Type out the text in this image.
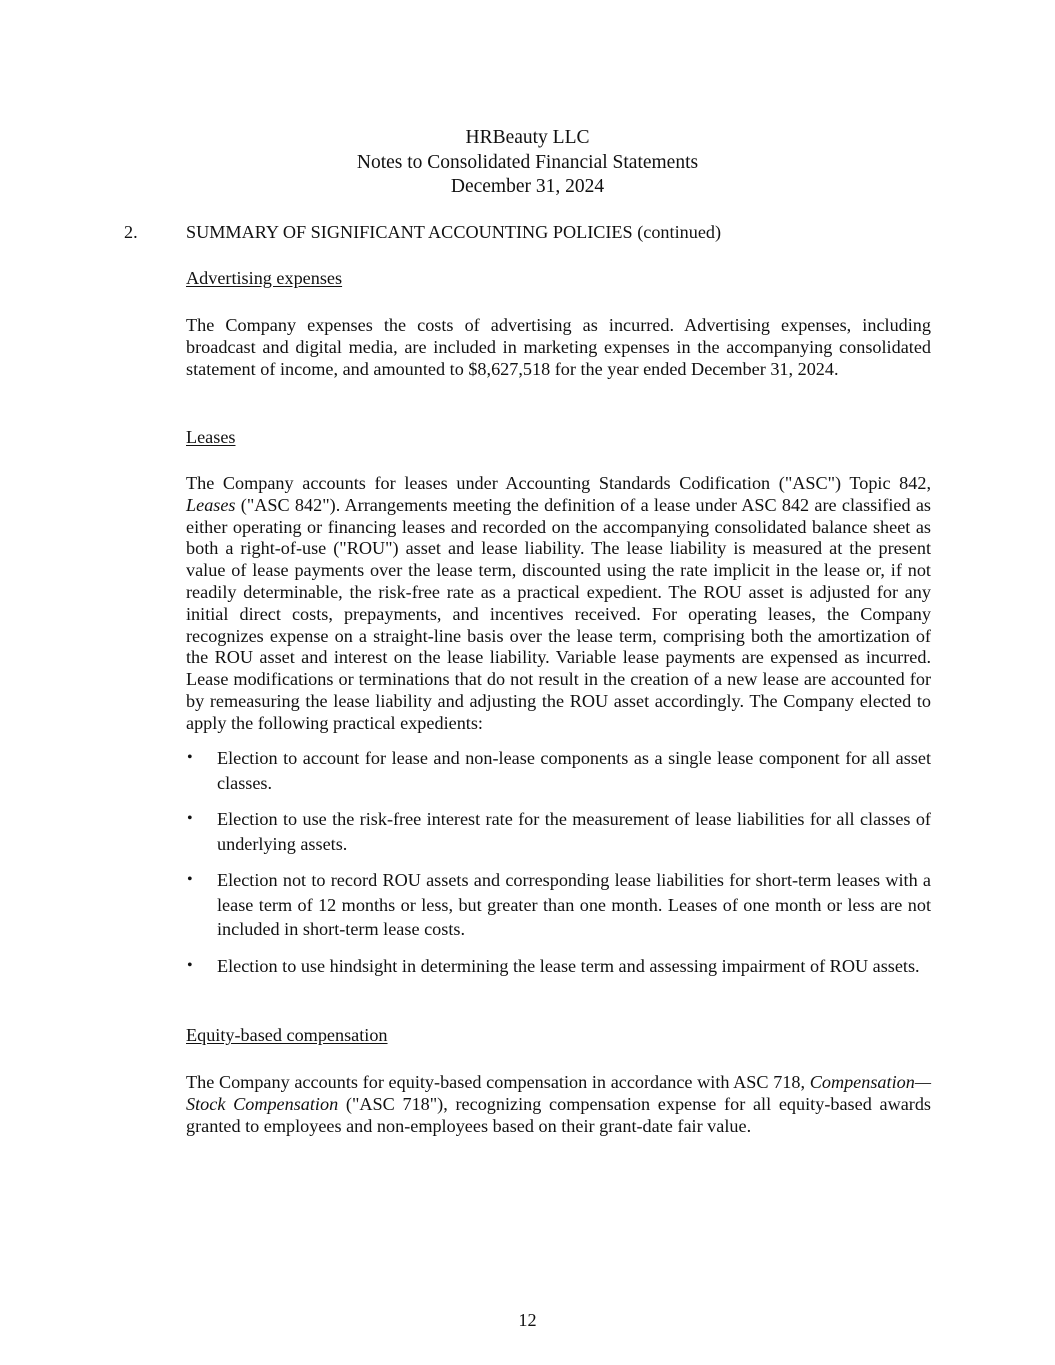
HRBeauty LLC
Notes to Consolidated Financial Statements
December 31, 2024
2.	SUMMARY OF SIGNIFICANT ACCOUNTING POLICIES (continued)

Advertising expenses

The Company expenses the costs of advertising as incurred. Advertising expenses, including broadcast and digital media, are included in marketing expenses in the accompanying consolidated statement of income, and amounted to $8,627,518 for the year ended December 31, 2024.

Leases

The Company accounts for leases under Accounting Standards Codification ("ASC") Topic 842, Leases ("ASC 842"). Arrangements meeting the definition of a lease under ASC 842 are classified as either operating or financing leases and recorded on the accompanying consolidated balance sheet as both a right-of-use ("ROU") asset and lease liability. The lease liability is measured at the present value of lease payments over the lease term, discounted using the rate implicit in the lease or, if not readily determinable, the risk-free rate as a practical expedient. The ROU asset is adjusted for any initial direct costs, prepayments, and incentives received. For operating leases, the Company recognizes expense on a straight-line basis over the lease term, comprising both the amortization of the ROU asset and interest on the lease liability. Variable lease payments are expensed as incurred. Lease modifications or terminations that do not result in the creation of a new lease are accounted for by remeasuring the lease liability and adjusting the ROU asset accordingly. The Company elected to apply the following practical expedients:

• Election to account for lease and non-lease components as a single lease component for all asset classes.
• Election to use the risk-free interest rate for the measurement of lease liabilities for all classes of underlying assets.
• Election not to record ROU assets and corresponding lease liabilities for short-term leases with a lease term of 12 months or less, but greater than one month. Leases of one month or less are not included in short-term lease costs.
• Election to use hindsight in determining the lease term and assessing impairment of ROU assets.

Equity-based compensation

The Company accounts for equity-based compensation in accordance with ASC 718, Compensation—Stock Compensation ("ASC 718"), recognizing compensation expense for all equity-based awards granted to employees and non-employees based on their grant-date fair value.

12
